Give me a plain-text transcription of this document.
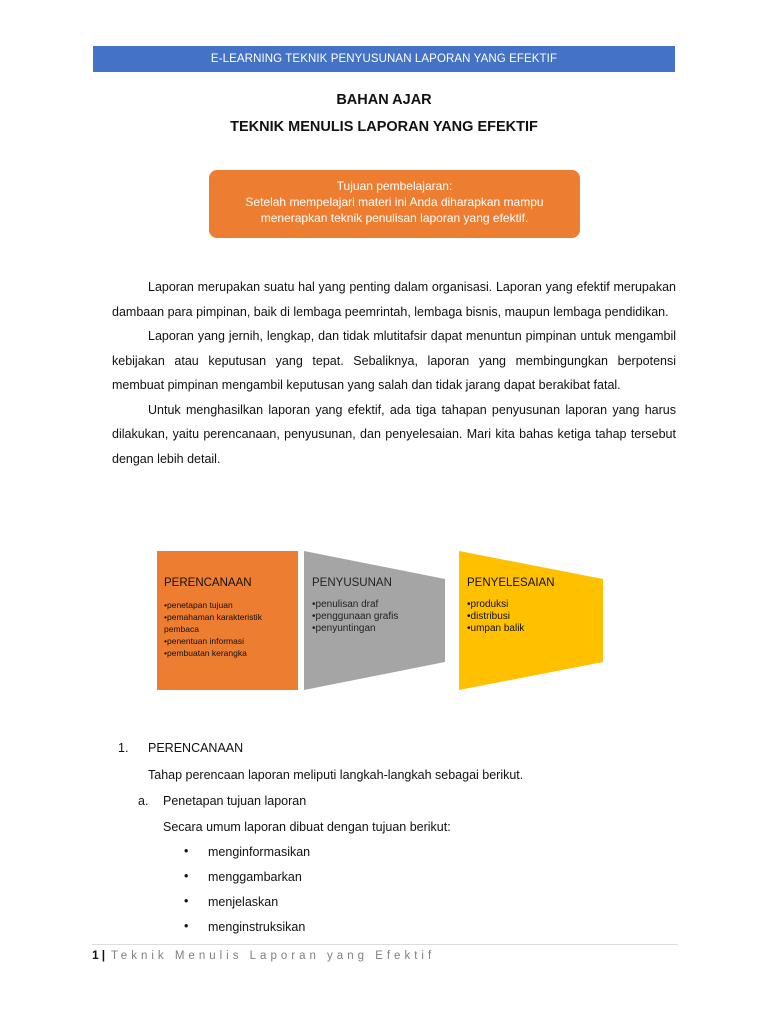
E-LEARNING TEKNIK PENYUSUNAN LAPORAN YANG EFEKTIF
BAHAN AJAR
TEKNIK MENULIS LAPORAN YANG EFEKTIF
Tujuan pembelajaran:
Setelah mempelajari materi ini Anda diharapkan mampu
menerapkan teknik penulisan laporan yang efektif.

Laporan merupakan suatu hal yang penting dalam organisasi. Laporan yang efektif merupakan dambaan para pimpinan, baik di lembaga peemrintah, lembaga bisnis, maupun lembaga pendidikan.

Laporan yang jernih, lengkap, dan tidak mlutitafsir dapat menuntun pimpinan untuk mengambil kebijakan atau keputusan yang tepat. Sebaliknya, laporan yang membingungkan berpotensi membuat pimpinan mengambil keputusan yang salah dan tidak jarang dapat berakibat fatal.

Untuk menghasilkan laporan yang efektif, ada tiga tahapan penyusunan laporan yang harus dilakukan, yaitu perencanaan, penyusunan, dan penyelesaian. Mari kita bahas ketiga tahap tersebut dengan lebih detail.

PERENCANAAN
•penetapan tujuan
•pemahaman karakteristik pembaca
•penentuan informasi
•pembuatan kerangka
PENYUSUNAN
•penulisan draf
•penggunaan grafis
•penyuntingan
PENYELESAIAN
•produksi
•distribusi
•umpan balik
1. PERENCANAAN
Tahap perencaan laporan meliputi langkah-langkah sebagai berikut.
a. Penetapan tujuan laporan
Secara umum laporan dibuat dengan tujuan berikut:
• menginformasikan
• menggambarkan
• menjelaskan
• menginstruksikan
1 | Teknik Menulis Laporan yang Efektif
